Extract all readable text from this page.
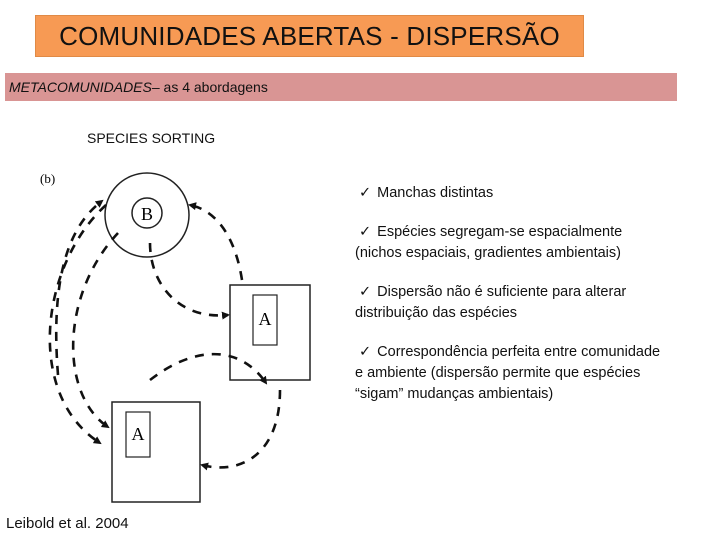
COMUNIDADES ABERTAS - DISPERSÃO
METACOMUNIDADES – as 4 abordagens
SPECIES SORTING
(b)
B
A
A
✓ Manchas distintas
✓ Espécies segregam-se espacialmente (nichos espaciais, gradientes ambientais)
✓ Dispersão não é suficiente para alterar distribuição das espécies
✓ Correspondência perfeita entre comunidade e ambiente (dispersão permite que espécies “sigam” mudanças ambientais)
Leibold et al. 2004
